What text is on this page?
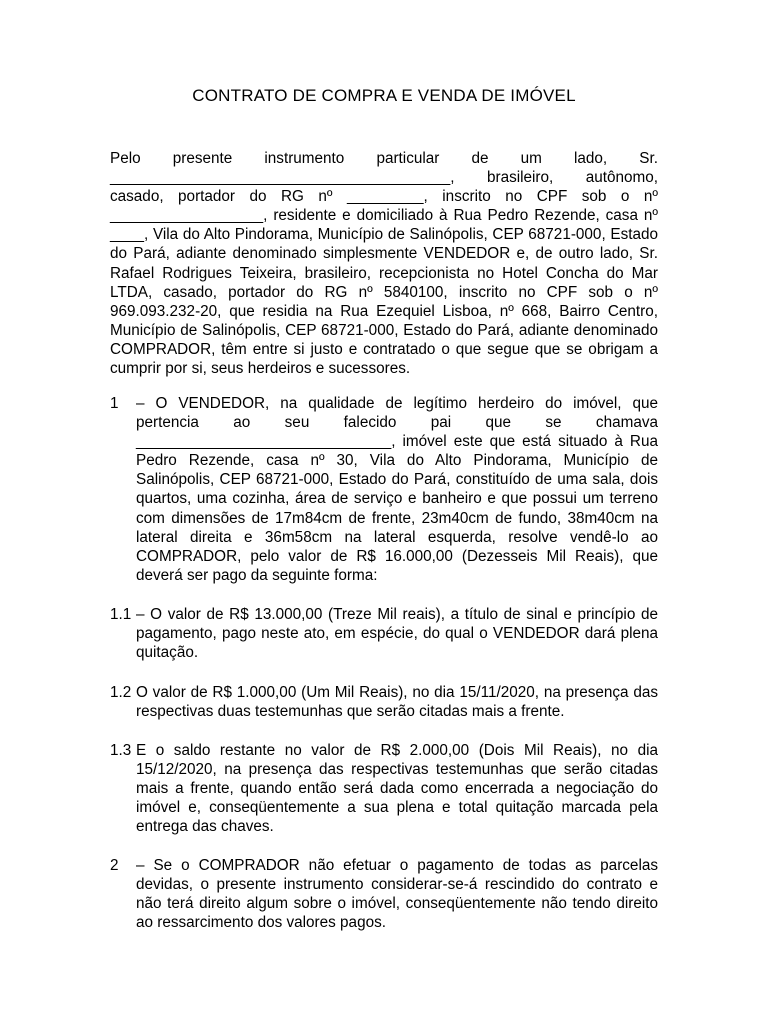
CONTRATO DE COMPRA E VENDA DE IMÓVEL

Pelo presente instrumento particular de um lado, Sr. ________________________________________, brasileiro, autônomo, casado, portador do RG nº _________, inscrito no CPF sob o nº __________________, residente e domiciliado à Rua Pedro Rezende, casa nº ____, Vila do Alto Pindorama, Município de Salinópolis, CEP 68721-000, Estado do Pará, adiante denominado simplesmente VENDEDOR e, de outro lado, Sr. Rafael Rodrigues Teixeira, brasileiro, recepcionista no Hotel Concha do Mar LTDA, casado, portador do RG nº 5840100, inscrito no CPF sob o nº 969.093.232-20, que residia na Rua Ezequiel Lisboa, nº 668, Bairro Centro, Município de Salinópolis, CEP 68721-000, Estado do Pará, adiante denominado COMPRADOR, têm entre si justo e contratado o que segue que se obrigam a cumprir por si, seus herdeiros e sucessores.

1 – O VENDEDOR, na qualidade de legítimo herdeiro do imóvel, que pertencia ao seu falecido pai que se chamava ______________________________, imóvel este que está situado à Rua Pedro Rezende, casa nº 30, Vila do Alto Pindorama, Município de Salinópolis, CEP 68721-000, Estado do Pará, constituído de uma sala, dois quartos, uma cozinha, área de serviço e banheiro e que possui um terreno com dimensões de 17m84cm de frente, 23m40cm de fundo, 38m40cm na lateral direita e 36m58cm na lateral esquerda, resolve vendê-lo ao COMPRADOR, pelo valor de R$ 16.000,00 (Dezesseis Mil Reais), que deverá ser pago da seguinte forma:
1.1 – O valor de R$ 13.000,00 (Treze Mil reais), a título de sinal e princípio de pagamento, pago neste ato, em espécie, do qual o VENDEDOR dará plena quitação.
1.2 O valor de R$ 1.000,00 (Um Mil Reais), no dia 15/11/2020, na presença das respectivas duas testemunhas que serão citadas mais a frente.
1.3 E o saldo restante no valor de R$ 2.000,00 (Dois Mil Reais), no dia 15/12/2020, na presença das respectivas testemunhas que serão citadas mais a frente, quando então será dada como encerrada a negociação do imóvel e, conseqüentemente a sua plena e total quitação marcada pela entrega das chaves.
2 – Se o COMPRADOR não efetuar o pagamento de todas as parcelas devidas, o presente instrumento considerar-se-á rescindido do contrato e não terá direito algum sobre o imóvel, conseqüentemente não tendo direito ao ressarcimento dos valores pagos.
